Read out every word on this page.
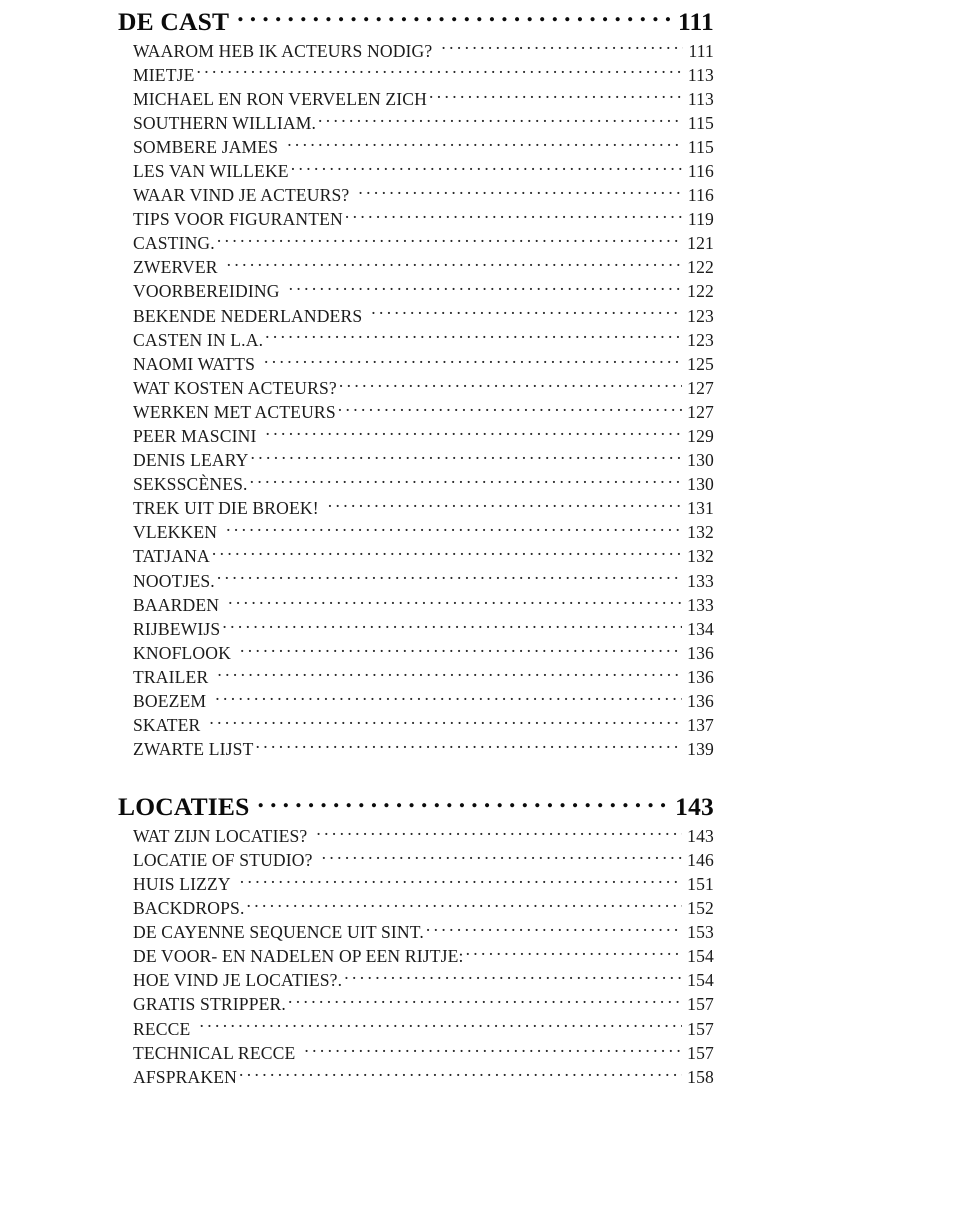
DE CAST .....	111
WAAROM HEB IK ACTEURS NODIG? .....	111
MIETJE .....	113
MICHAEL EN RON VERVELEN ZICH .....	113
SOUTHERN WILLIAM. .....	115
SOMBERE JAMES .....	115
LES VAN WILLEKE .....	116
WAAR VIND JE ACTEURS? .....	116
TIPS VOOR FIGURANTEN .....	119
CASTING. .....	121
ZWERVER .....	122
VOORBEREIDING .....	122
BEKENDE NEDERLANDERS .....	123
CASTEN IN L.A. .....	123
NAOMI WATTS .....	125
WAT KOSTEN ACTEURS? .....	127
WERKEN MET ACTEURS .....	127
PEER MASCINI .....	129
DENIS LEARY .....	130
SEKSSCÈNES. .....	130
TREK UIT DIE BROEK! .....	131
VLEKKEN .....	132
TATJANA .....	132
NOOTJES. .....	133
BAARDEN .....	133
RIJBEWIJS .....	134
KNOFLOOK .....	136
TRAILER .....	136
BOEZEM .....	136
SKATER .....	137
ZWARTE LIJST .....	139
LOCATIES .....	143
WAT ZIJN LOCATIES? .....	143
LOCATIE OF STUDIO? .....	146
HUIS LIZZY .....	151
BACKDROPS. .....	152
DE CAYENNE SEQUENCE UIT SINT. .....	153
DE VOOR- EN NADELEN OP EEN RIJTJE: .....	154
HOE VIND JE LOCATIES?. .....	154
GRATIS STRIPPER. .....	157
RECCE .....	157
TECHNICAL RECCE .....	157
AFSPRAKEN .....	158
